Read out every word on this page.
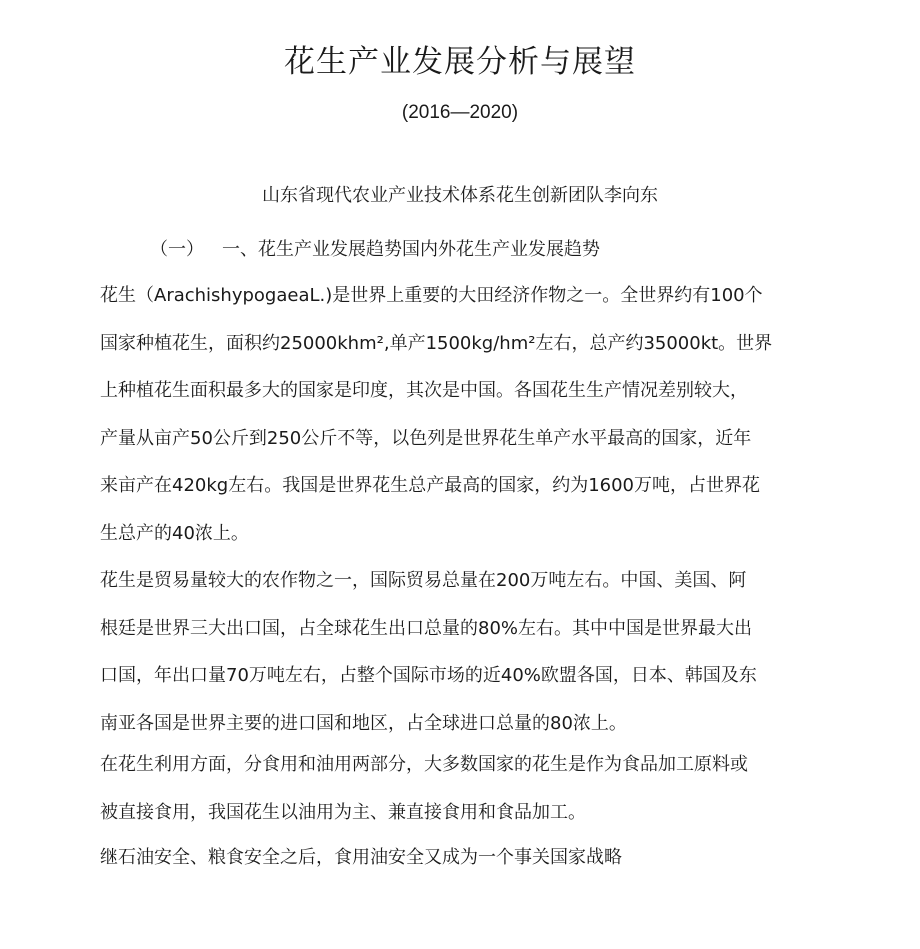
花生产业发展分析与展望
(2016—2020)
山东省现代农业产业技术体系花生创新团队李向东
（一） 一、花生产业发展趋势国内外花生产业发展趋势
花生（ArachishypogaeaL.)是世界上重要的大田经济作物之一。全世界约有100个
国家种植花生，面积约25000khm²,单产1500kg/hm²左右，总产约35000kt。世界
上种植花生面积最多大的国家是印度，其次是中国。各国花生生产情况差别较大，
产量从亩产50公斤到250公斤不等，以色列是世界花生单产水平最高的国家，近年
来亩产在420kg左右。我国是世界花生总产最高的国家，约为1600万吨，占世界花
生总产的40浓上。
花生是贸易量较大的农作物之一，国际贸易总量在200万吨左右。中国、美国、阿
根廷是世界三大出口国，占全球花生出口总量的80%左右。其中中国是世界最大出
口国，年出口量70万吨左右，占整个国际市场的近40%欧盟各国，日本、韩国及东
南亚各国是世界主要的进口国和地区，占全球进口总量的80浓上。
在花生利用方面，分食用和油用两部分，大多数国家的花生是作为食品加工原料或
被直接食用，我国花生以油用为主、兼直接食用和食品加工。
继石油安全、粮食安全之后，食用油安全又成为一个事关国家战略
